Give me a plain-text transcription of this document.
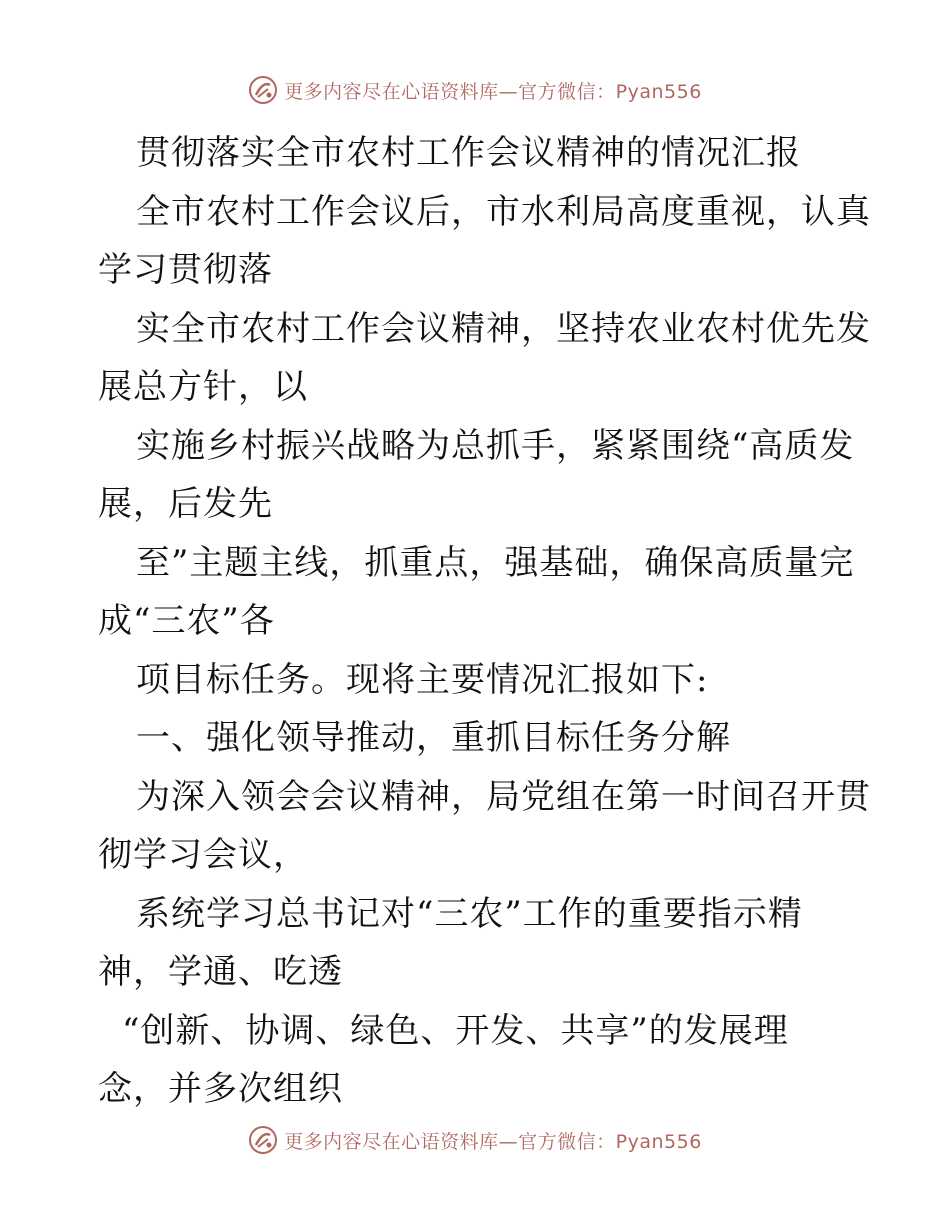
更多内容尽在心语资料库—官方微信：Pyan556
贯彻落实全市农村工作会议精神的情况汇报
全市农村工作会议后，市水利局高度重视，认真
学习贯彻落
实全市农村工作会议精神，坚持农业农村优先发
展总方针，以
实施乡村振兴战略为总抓手，紧紧围绕“高质发
展，后发先
至”主题主线，抓重点，强基础，确保高质量完
成“三农”各
项目标任务。现将主要情况汇报如下:
一、强化领导推动，重抓目标任务分解
为深入领会会议精神，局党组在第一时间召开贯
彻学习会议，
系统学习总书记对“三农”工作的重要指示精
神，学通、吃透
“创新、协调、绿色、开发、共享”的发展理
念，并多次组织
更多内容尽在心语资料库—官方微信：Pyan556
